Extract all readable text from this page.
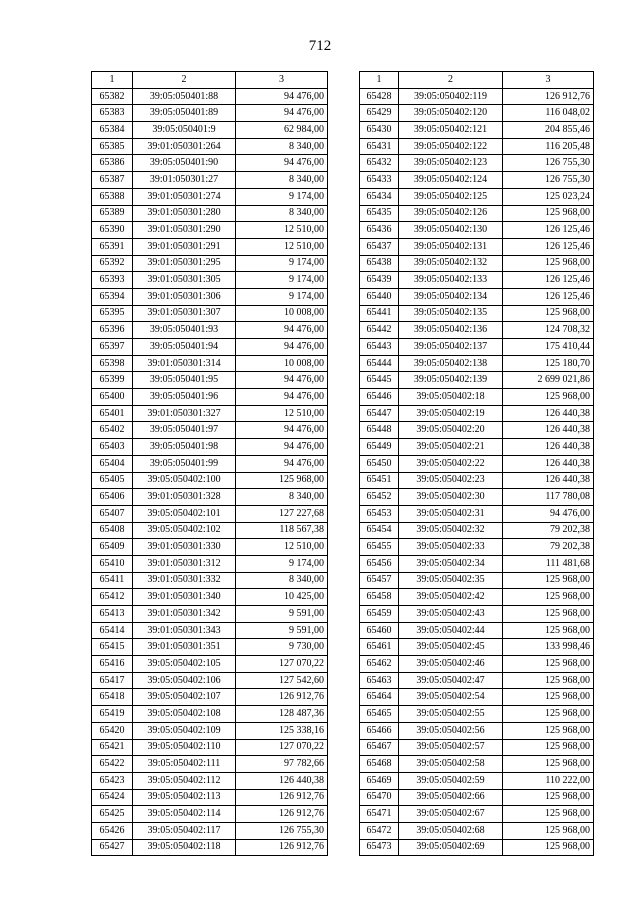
712
1	2	3
65382	39:05:050401:88	94 476,00
65383	39:05:050401:89	94 476,00
65384	39:05:050401:9	62 984,00
65385	39:01:050301:264	8 340,00
65386	39:05:050401:90	94 476,00
65387	39:01:050301:27	8 340,00
65388	39:01:050301:274	9 174,00
65389	39:01:050301:280	8 340,00
65390	39:01:050301:290	12 510,00
65391	39:01:050301:291	12 510,00
65392	39:01:050301:295	9 174,00
65393	39:01:050301:305	9 174,00
65394	39:01:050301:306	9 174,00
65395	39:01:050301:307	10 008,00
65396	39:05:050401:93	94 476,00
65397	39:05:050401:94	94 476,00
65398	39:01:050301:314	10 008,00
65399	39:05:050401:95	94 476,00
65400	39:05:050401:96	94 476,00
65401	39:01:050301:327	12 510,00
65402	39:05:050401:97	94 476,00
65403	39:05:050401:98	94 476,00
65404	39:05:050401:99	94 476,00
65405	39:05:050402:100	125 968,00
65406	39:01:050301:328	8 340,00
65407	39:05:050402:101	127 227,68
65408	39:05:050402:102	118 567,38
65409	39:01:050301:330	12 510,00
65410	39:01:050301:312	9 174,00
65411	39:01:050301:332	8 340,00
65412	39:01:050301:340	10 425,00
65413	39:01:050301:342	9 591,00
65414	39:01:050301:343	9 591,00
65415	39:01:050301:351	9 730,00
65416	39:05:050402:105	127 070,22
65417	39:05:050402:106	127 542,60
65418	39:05:050402:107	126 912,76
65419	39:05:050402:108	128 487,36
65420	39:05:050402:109	125 338,16
65421	39:05:050402:110	127 070,22
65422	39:05:050402:111	97 782,66
65423	39:05:050402:112	126 440,38
65424	39:05:050402:113	126 912,76
65425	39:05:050402:114	126 912,76
65426	39:05:050402:117	126 755,30
65427	39:05:050402:118	126 912,76
1	2	3
65428	39:05:050402:119	126 912,76
65429	39:05:050402:120	116 048,02
65430	39:05:050402:121	204 855,46
65431	39:05:050402:122	116 205,48
65432	39:05:050402:123	126 755,30
65433	39:05:050402:124	126 755,30
65434	39:05:050402:125	125 023,24
65435	39:05:050402:126	125 968,00
65436	39:05:050402:130	126 125,46
65437	39:05:050402:131	126 125,46
65438	39:05:050402:132	125 968,00
65439	39:05:050402:133	126 125,46
65440	39:05:050402:134	126 125,46
65441	39:05:050402:135	125 968,00
65442	39:05:050402:136	124 708,32
65443	39:05:050402:137	175 410,44
65444	39:05:050402:138	125 180,70
65445	39:05:050402:139	2 699 021,86
65446	39:05:050402:18	125 968,00
65447	39:05:050402:19	126 440,38
65448	39:05:050402:20	126 440,38
65449	39:05:050402:21	126 440,38
65450	39:05:050402:22	126 440,38
65451	39:05:050402:23	126 440,38
65452	39:05:050402:30	117 780,08
65453	39:05:050402:31	94 476,00
65454	39:05:050402:32	79 202,38
65455	39:05:050402:33	79 202,38
65456	39:05:050402:34	111 481,68
65457	39:05:050402:35	125 968,00
65458	39:05:050402:42	125 968,00
65459	39:05:050402:43	125 968,00
65460	39:05:050402:44	125 968,00
65461	39:05:050402:45	133 998,46
65462	39:05:050402:46	125 968,00
65463	39:05:050402:47	125 968,00
65464	39:05:050402:54	125 968,00
65465	39:05:050402:55	125 968,00
65466	39:05:050402:56	125 968,00
65467	39:05:050402:57	125 968,00
65468	39:05:050402:58	125 968,00
65469	39:05:050402:59	110 222,00
65470	39:05:050402:66	125 968,00
65471	39:05:050402:67	125 968,00
65472	39:05:050402:68	125 968,00
65473	39:05:050402:69	125 968,00
